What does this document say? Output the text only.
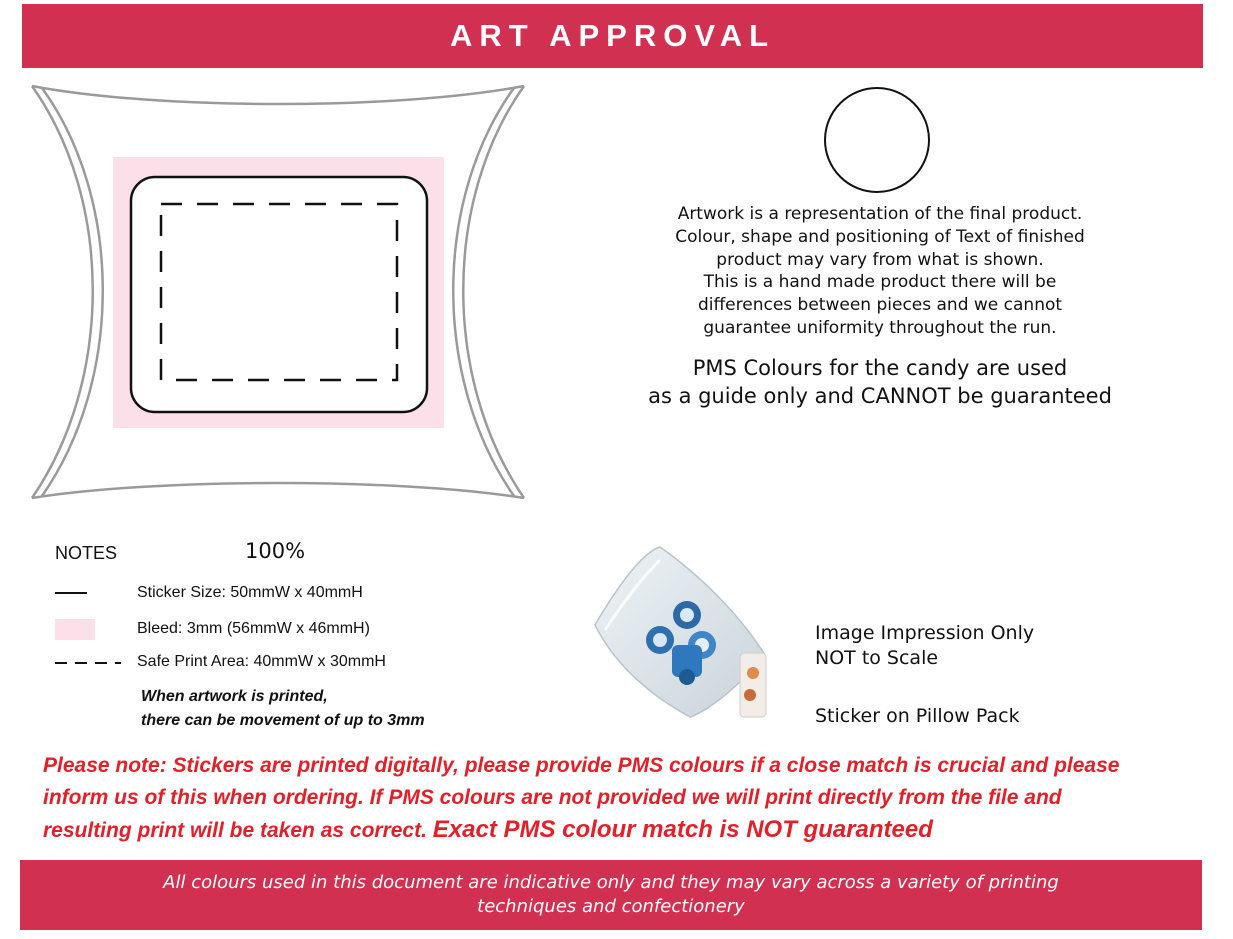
ART APPROVAL
Artwork is a representation of the final product.
Colour, shape and positioning of Text of finished
product may vary from what is shown.
This is a hand made product there will be
differences between pieces and we cannot
guarantee uniformity throughout the run.
PMS Colours for the candy are used
as a guide only and CANNOT be guaranteed
NOTES	100%
Sticker Size: 50mmW x 40mmH
Bleed: 3mm (56mmW x 46mmH)
Safe Print Area: 40mmW x 30mmH
When artwork is printed,
there can be movement of up to 3mm
Image Impression Only
NOT to Scale
Sticker on Pillow Pack
Please note: Stickers are printed digitally, please provide PMS colours if a close match is crucial and please
inform us of this when ordering. If PMS colours are not provided we will print directly from the file and
resulting print will be taken as correct. Exact PMS colour match is NOT guaranteed
All colours used in this document are indicative only and they may vary across a variety of printing
techniques and confectionery
